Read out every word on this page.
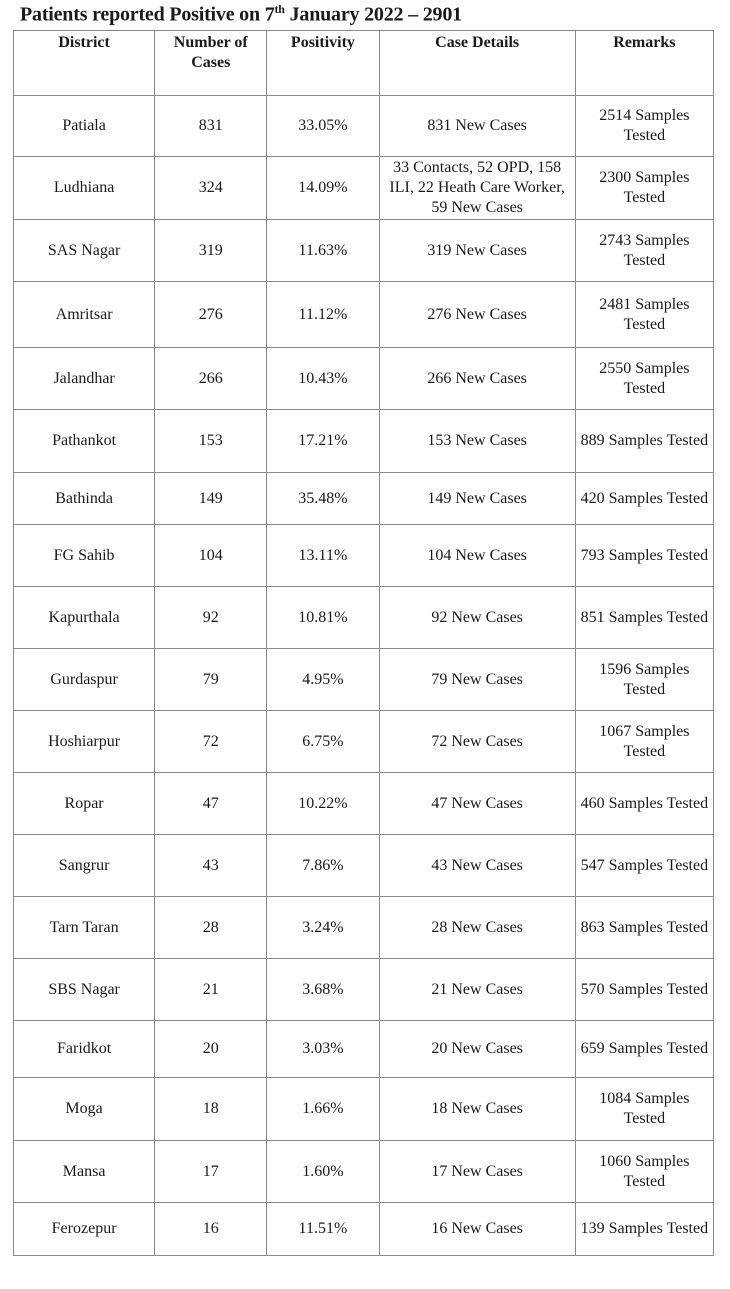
Patients reported Positive on 7th January 2022 – 2901
District	Number of Cases	Positivity	Case Details	Remarks
Patiala	831	33.05%	831 New Cases	2514 Samples Tested
Ludhiana	324	14.09%	33 Contacts, 52 OPD, 158 ILI, 22 Heath Care Worker, 59 New Cases	2300 Samples Tested
SAS Nagar	319	11.63%	319 New Cases	2743 Samples Tested
Amritsar	276	11.12%	276 New Cases	2481 Samples Tested
Jalandhar	266	10.43%	266 New Cases	2550 Samples Tested
Pathankot	153	17.21%	153 New Cases	889 Samples Tested
Bathinda	149	35.48%	149 New Cases	420 Samples Tested
FG Sahib	104	13.11%	104 New Cases	793 Samples Tested
Kapurthala	92	10.81%	92 New Cases	851 Samples Tested
Gurdaspur	79	4.95%	79 New Cases	1596 Samples Tested
Hoshiarpur	72	6.75%	72 New Cases	1067 Samples Tested
Ropar	47	10.22%	47 New Cases	460 Samples Tested
Sangrur	43	7.86%	43 New Cases	547 Samples Tested
Tarn Taran	28	3.24%	28 New Cases	863 Samples Tested
SBS Nagar	21	3.68%	21 New Cases	570 Samples Tested
Faridkot	20	3.03%	20 New Cases	659 Samples Tested
Moga	18	1.66%	18 New Cases	1084 Samples Tested
Mansa	17	1.60%	17 New Cases	1060 Samples Tested
Ferozepur	16	11.51%	16 New Cases	139 Samples Tested
